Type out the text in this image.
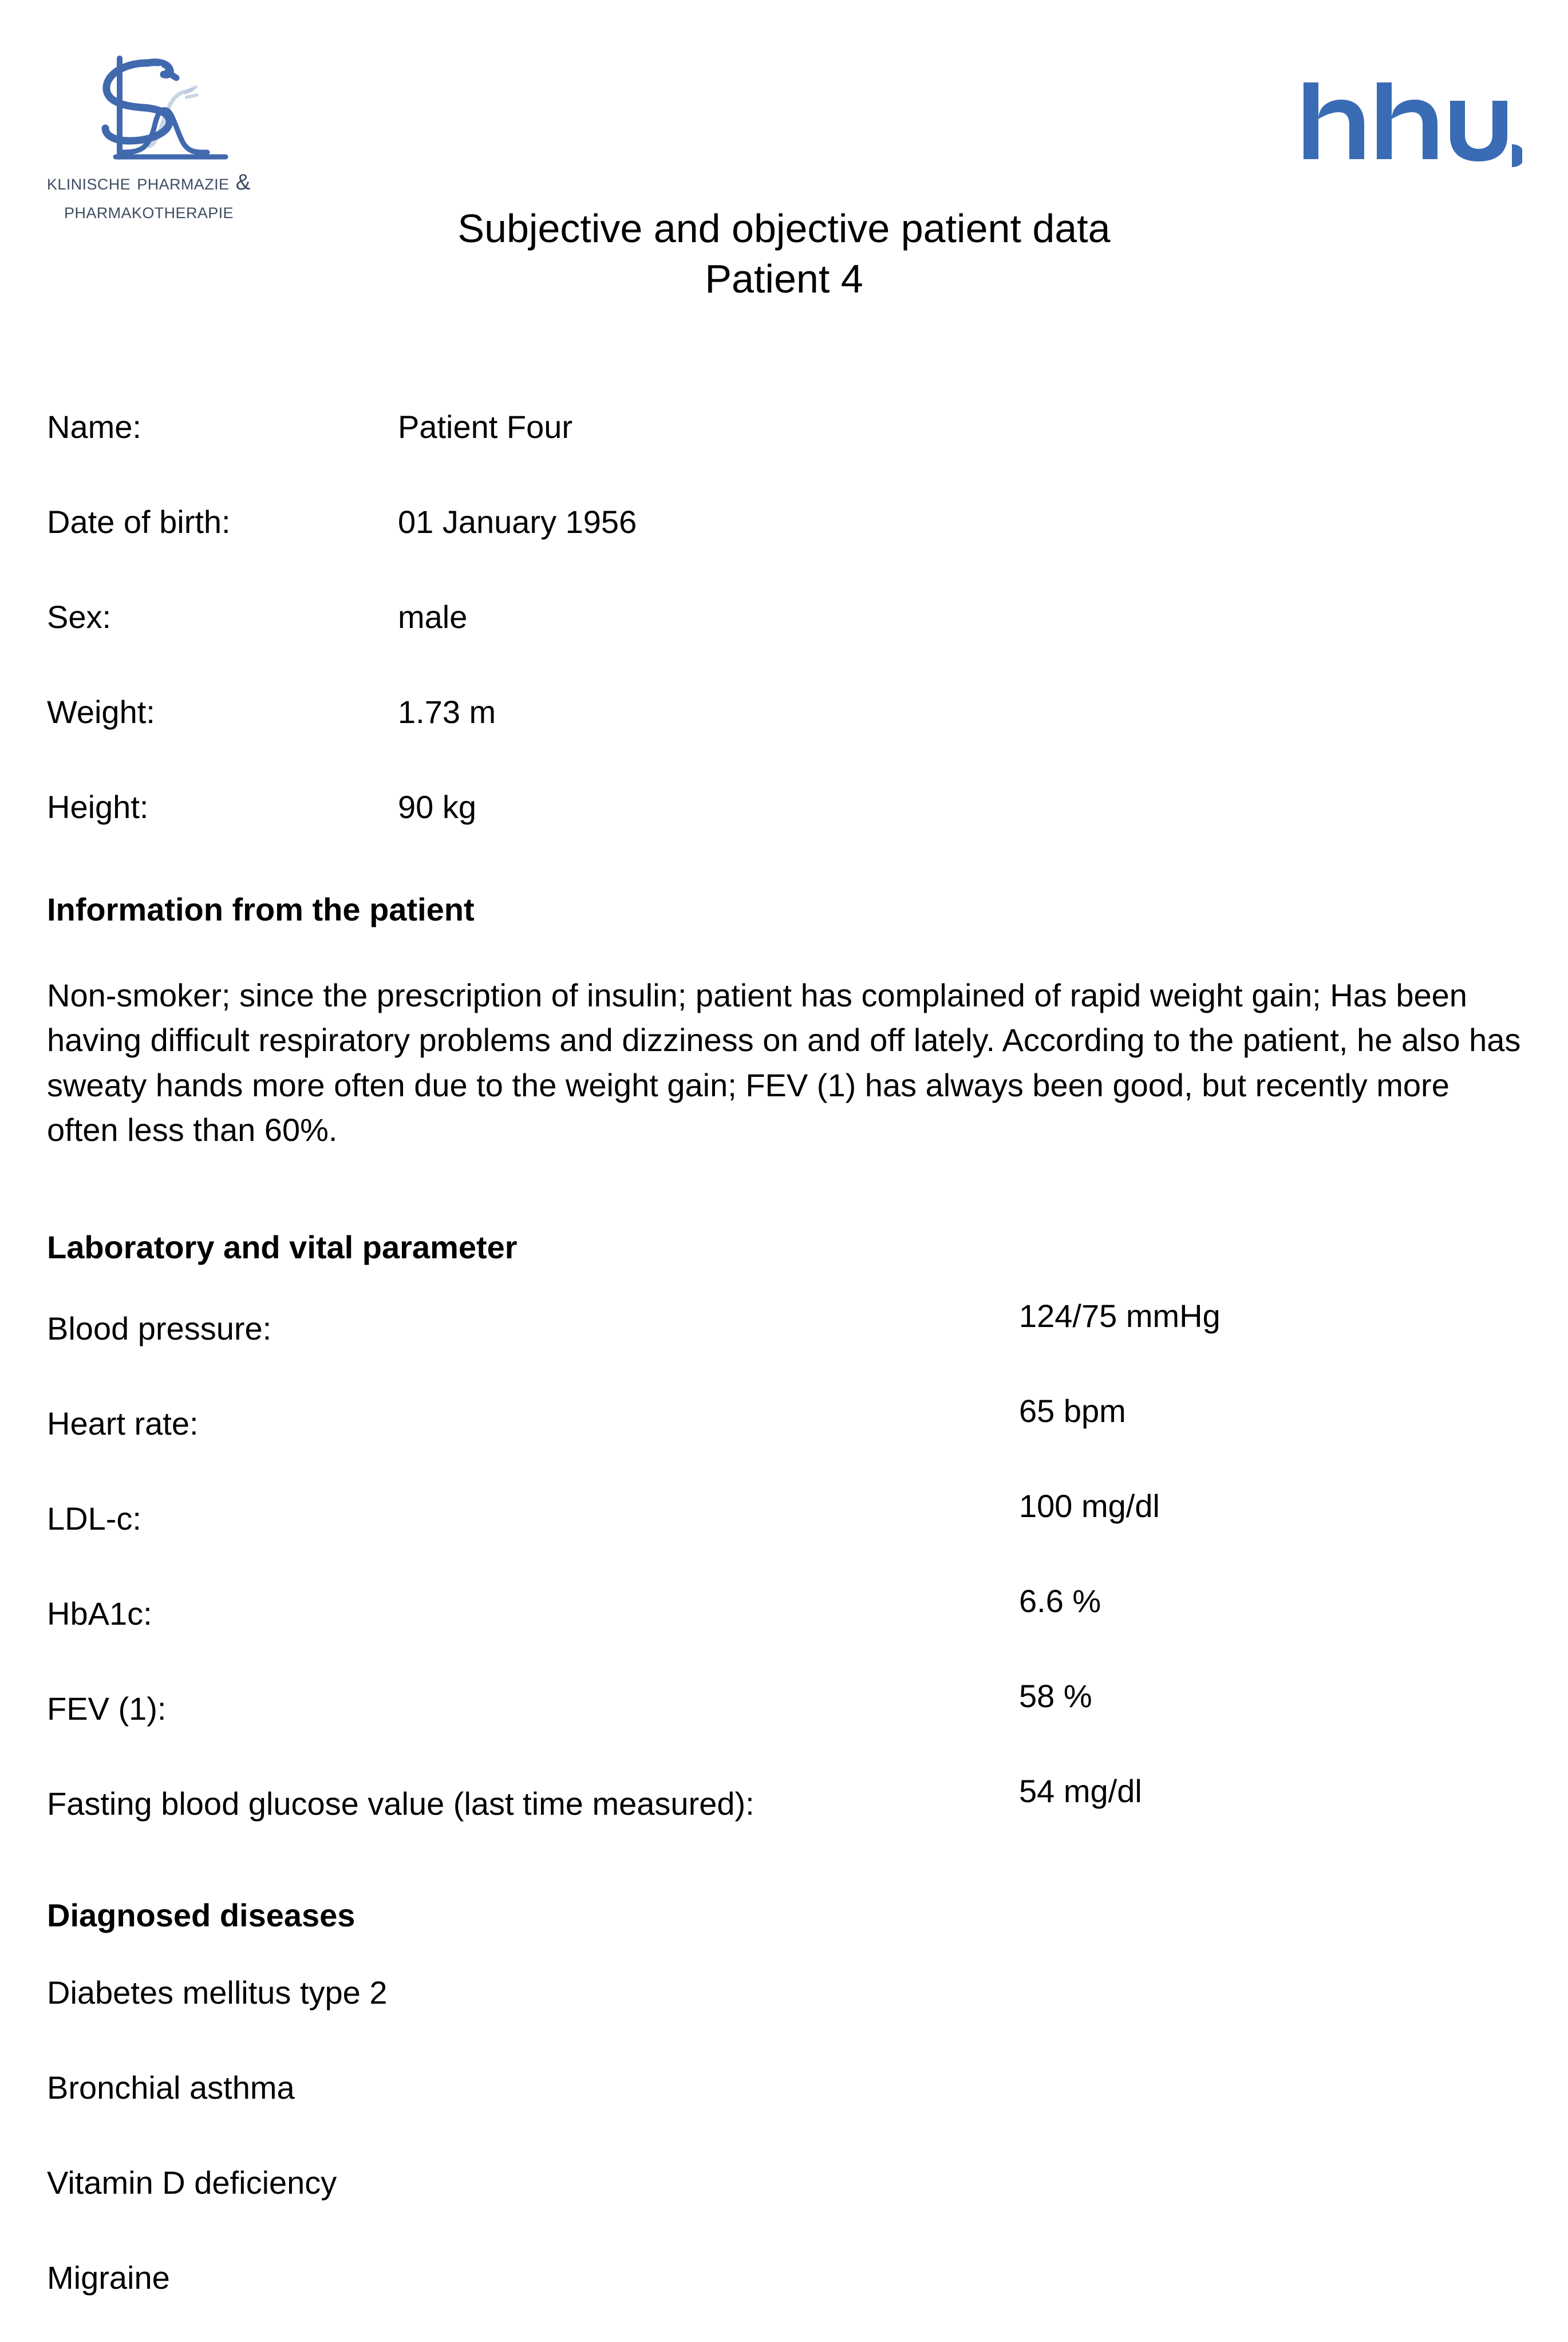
klinische pharmazie &
pharmakotherapie	Subjective and objective patient data
Patient 4
Name:	Patient Four
Date of birth:	01 January 1956
Sex:	male
Weight:	1.73 m
Height:	90 kg
Information from the patient
Non-smoker; since the prescription of insulin; patient has complained of rapid weight gain; Has been having difficult respiratory problems and dizziness on and off lately. According to the patient, he also has sweaty hands more often due to the weight gain; FEV (1) has always been good, but recently more often less than 60%.
Laboratory and vital parameter
Blood pressure:	124/75 mmHg
Heart rate:	65 bpm
LDL-c:	100 mg/dl
HbA1c:	6.6 %
FEV (1):	58 %
Fasting blood glucose value (last time measured):	54 mg/dl
Diagnosed diseases
Diabetes mellitus type 2
Bronchial asthma
Vitamin D deficiency
Migraine
